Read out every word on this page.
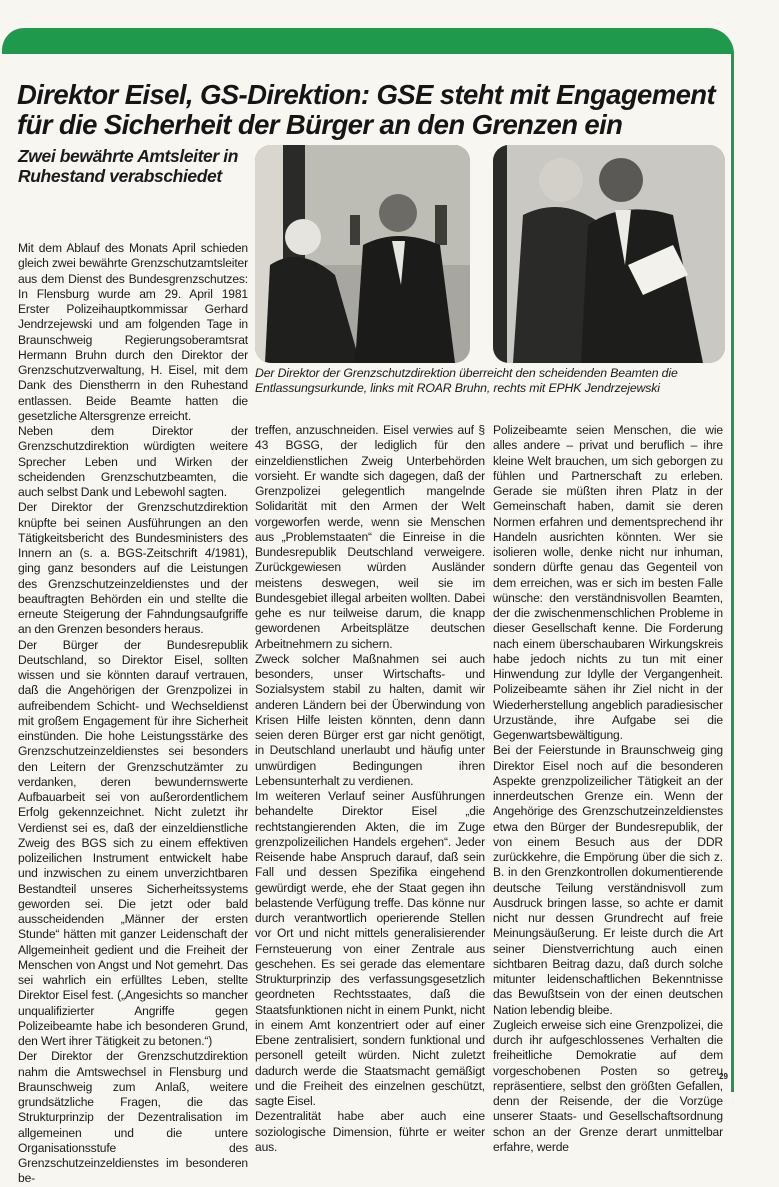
Direktor Eisel, GS-Direktion: GSE steht mit Engagement für die Sicherheit der Bürger an den Grenzen ein
Zwei bewährte Amtsleiter in Ruhestand verabschiedet

Der Direktor der Grenzschutzdirektion überreicht den scheidenden Beamten die Entlassungsurkunde, links mit ROAR Bruhn, rechts mit EPHK Jendrzejewski

Mit dem Ablauf des Monats April schieden gleich zwei bewährte Grenzschutzamtsleiter aus dem Dienst des Bundesgrenzschutzes: In Flensburg wurde am 29. April 1981 Erster Polizeihauptkommissar Gerhard Jendrzejewski und am folgenden Tage in Braunschweig Regierungsoberamtsrat Hermann Bruhn durch den Direktor der Grenzschutzverwaltung, H. Eisel, mit dem Dank des Dienstherrn in den Ruhestand entlassen. Beide Beamte hatten die gesetzliche Altersgrenze erreicht.

Neben dem Direktor der Grenzschutzdirektion würdigten weitere Sprecher Leben und Wirken der scheidenden Grenzschutzbeamten, die auch selbst Dank und Lebewohl sagten.

Der Direktor der Grenzschutzdirektion knüpfte bei seinen Ausführungen an den Tätigkeitsbericht des Bundesministers des Innern an (s. a. BGS-Zeitschrift 4/1981), ging ganz besonders auf die Leistungen des Grenzschutzeinzeldienstes und der beauftragten Behörden ein und stellte die erneute Steigerung der Fahndungsaufgriffe an den Grenzen besonders heraus.

Der Bürger der Bundesrepublik Deutschland, so Direktor Eisel, sollten wissen und sie könnten darauf vertrauen, daß die Angehörigen der Grenzpolizei in aufreibendem Schicht- und Wechseldienst mit großem Engagement für ihre Sicherheit einstünden. Die hohe Leistungsstärke des Grenzschutzeinzeldienstes sei besonders den Leitern der Grenzschutzämter zu verdanken, deren bewundernswerte Aufbauarbeit sei von außerordentlichem Erfolg gekennzeichnet. Nicht zuletzt ihr Verdienst sei es, daß der einzeldienstliche Zweig des BGS sich zu einem effektiven polizeilichen Instrument entwickelt habe und inzwischen zu einem unverzichtbaren Bestandteil unseres Sicherheitssystems geworden sei. Die jetzt oder bald ausscheidenden „Männer der ersten Stunde“ hätten mit ganzer Leidenschaft der Allgemeinheit gedient und die Freiheit der Menschen von Angst und Not gemehrt. Das sei wahrlich ein erfülltes Leben, stellte Direktor Eisel fest. („Angesichts so mancher unqualifizierter Angriffe gegen Polizeibeamte habe ich besonderen Grund, den Wert ihrer Tätigkeit zu betonen.“)

Der Direktor der Grenzschutzdirektion nahm die Amtswechsel in Flensburg und Braunschweig zum Anlaß, weitere grundsätzliche Fragen, die das Strukturprinzip der Dezentralisation im allgemeinen und die untere Organisationsstufe des Grenzschutzeinzeldienstes im besonderen be-

treffen, anzuschneiden. Eisel verwies auf § 43 BGSG, der lediglich für den einzeldienstlichen Zweig Unterbehörden vorsieht. Er wandte sich dagegen, daß der Grenzpolizei gelegentlich mangelnde Solidarität mit den Armen der Welt vorgeworfen werde, wenn sie Menschen aus „Problemstaaten“ die Einreise in die Bundesrepublik Deutschland verweigere. Zurückgewiesen würden Ausländer meistens deswegen, weil sie im Bundesgebiet illegal arbeiten wollten. Dabei gehe es nur teilweise darum, die knapp gewordenen Arbeitsplätze deutschen Arbeitnehmern zu sichern.

Zweck solcher Maßnahmen sei auch besonders, unser Wirtschafts- und Sozialsystem stabil zu halten, damit wir anderen Ländern bei der Überwindung von Krisen Hilfe leisten könnten, denn dann seien deren Bürger erst gar nicht genötigt, in Deutschland unerlaubt und häufig unter unwürdigen Bedingungen ihren Lebensunterhalt zu verdienen.

Im weiteren Verlauf seiner Ausführungen behandelte Direktor Eisel „die rechtstangierenden Akten, die im Zuge grenzpolizeilichen Handels ergehen“. Jeder Reisende habe Anspruch darauf, daß sein Fall und dessen Spezifika eingehend gewürdigt werde, ehe der Staat gegen ihn belastende Verfügung treffe. Das könne nur durch verantwortlich operierende Stellen vor Ort und nicht mittels generalisierender Fernsteuerung von einer Zentrale aus geschehen. Es sei gerade das elementare Strukturprinzip des verfassungsgesetzlich geordneten Rechtsstaates, daß die Staatsfunktionen nicht in einem Punkt, nicht in einem Amt konzentriert oder auf einer Ebene zentralisiert, sondern funktional und personell geteilt würden. Nicht zuletzt dadurch werde die Staatsmacht gemäßigt und die Freiheit des einzelnen geschützt, sagte Eisel.

Dezentralität habe aber auch eine soziologische Dimension, führte er weiter aus.

Polizeibeamte seien Menschen, die wie alles andere – privat und beruflich – ihre kleine Welt brauchen, um sich geborgen zu fühlen und Partnerschaft zu erleben. Gerade sie müßten ihren Platz in der Gemeinschaft haben, damit sie deren Normen erfahren und dementsprechend ihr Handeln ausrichten könnten. Wer sie isolieren wolle, denke nicht nur inhuman, sondern dürfte genau das Gegenteil von dem erreichen, was er sich im besten Falle wünsche: den verständnisvollen Beamten, der die zwischenmenschlichen Probleme in dieser Gesellschaft kenne. Die Forderung nach einem überschaubaren Wirkungskreis habe jedoch nichts zu tun mit einer Hinwendung zur Idylle der Vergangenheit. Polizeibeamte sähen ihr Ziel nicht in der Wiederherstellung angeblich paradiesischer Urzustände, ihre Aufgabe sei die Gegenwartsbewältigung.

Bei der Feierstunde in Braunschweig ging Direktor Eisel noch auf die besonderen Aspekte grenzpolizeilicher Tätigkeit an der innerdeutschen Grenze ein. Wenn der Angehörige des Grenzschutzeinzeldienstes etwa den Bürger der Bundesrepublik, der von einem Besuch aus der DDR zurückkehre, die Empörung über die sich z. B. in den Grenzkontrollen dokumentierende deutsche Teilung verständnisvoll zum Ausdruck bringen lasse, so achte er damit nicht nur dessen Grundrecht auf freie Meinungsäußerung. Er leiste durch die Art seiner Dienstverrichtung auch einen sichtbaren Beitrag dazu, daß durch solche mitunter leidenschaftlichen Bekenntnisse das Bewußtsein von der einen deutschen Nation lebendig bleibe.

Zugleich erweise sich eine Grenzpolizei, die durch ihr aufgeschlossenes Verhalten die freiheitliche Demokratie auf dem vorgeschobenen Posten so getreu repräsentiere, selbst den größten Gefallen, denn der Reisende, der die Vorzüge unserer Staats- und Gesellschaftsordnung schon an der Grenze derart unmittelbar erfahre, werde

29
